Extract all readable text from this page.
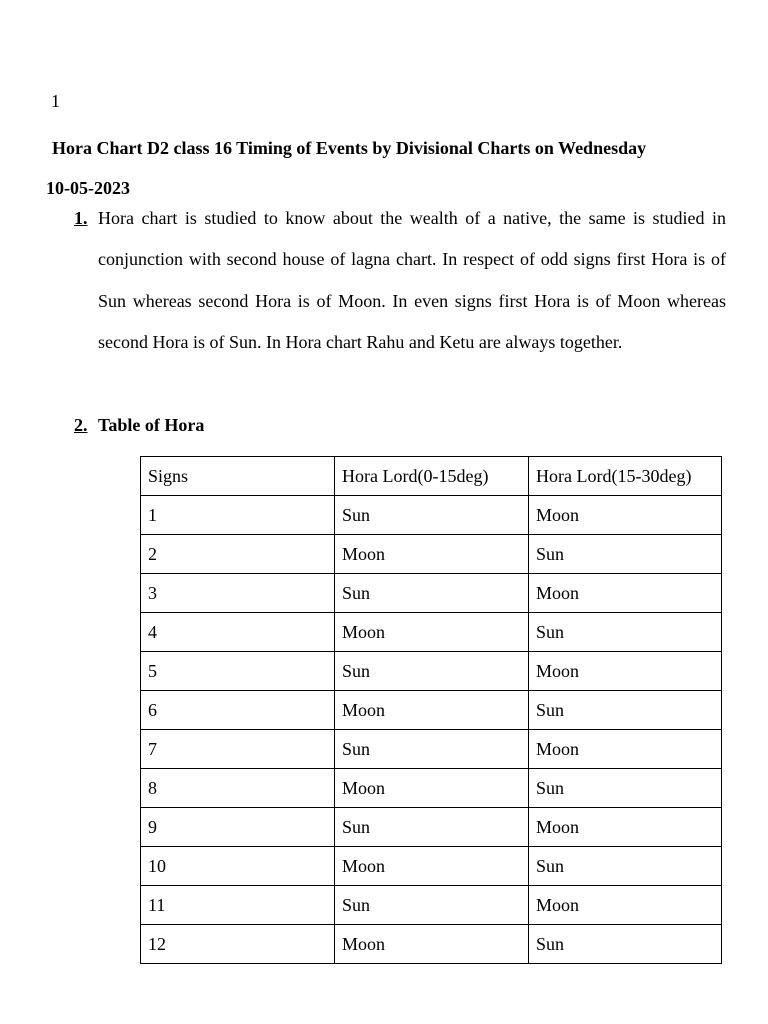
1
Hora Chart D2 class 16 Timing of Events by Divisional Charts on Wednesday
10-05-2023
1. Hora chart is studied to know about the wealth of a native, the same is studied in conjunction with second house of lagna chart. In respect of odd signs first Hora is of Sun whereas second Hora is of Moon. In even signs first Hora is of Moon whereas second Hora is of Sun. In Hora chart Rahu and Ketu are always together.
2. Table of Hora
Signs	Hora Lord(0-15deg)	Hora Lord(15-30deg)
1	Sun	Moon
2	Moon	Sun
3	Sun	Moon
4	Moon	Sun
5	Sun	Moon
6	Moon	Sun
7	Sun	Moon
8	Moon	Sun
9	Sun	Moon
10	Moon	Sun
11	Sun	Moon
12	Moon	Sun
